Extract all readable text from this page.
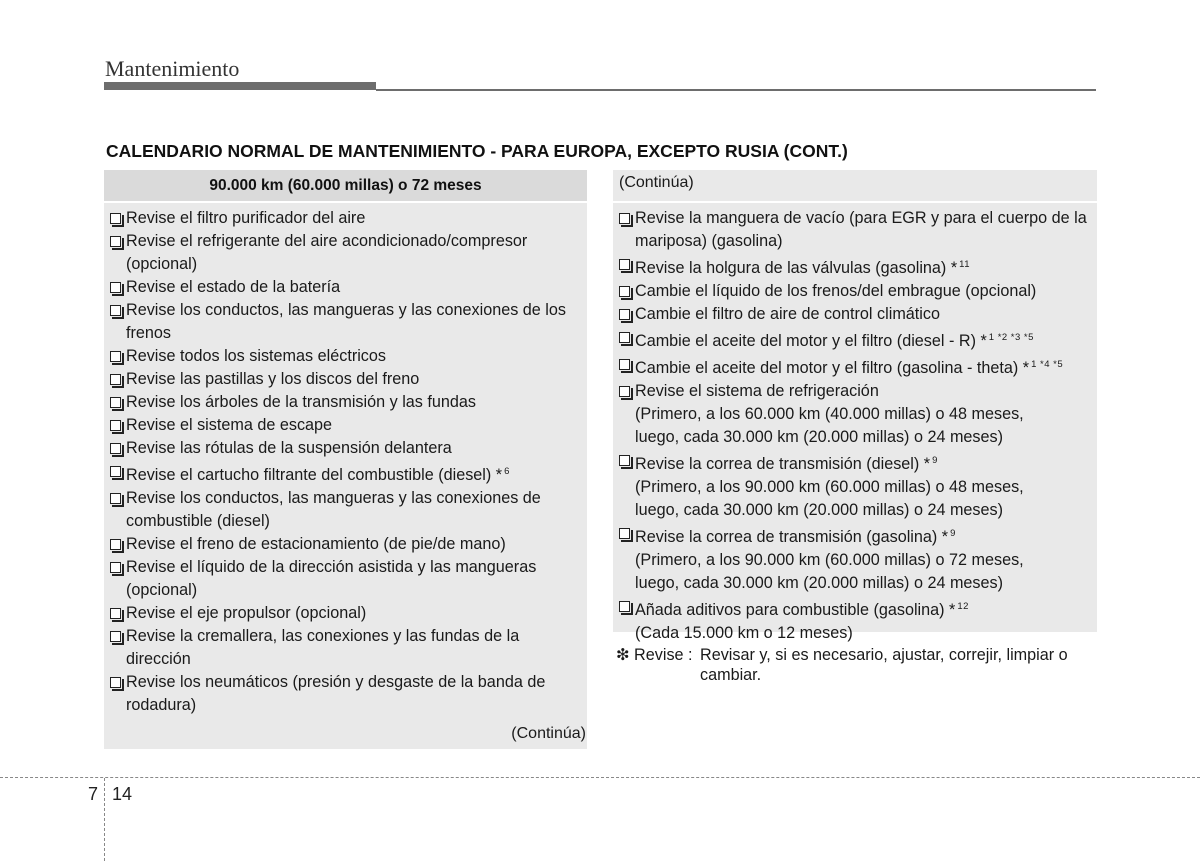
Mantenimiento
CALENDARIO NORMAL DE MANTENIMIENTO - PARA EUROPA, EXCEPTO RUSIA (CONT.)
90.000 km (60.000 millas) o 72 meses
Revise el filtro purificador del aire
Revise el refrigerante del aire acondicionado/compresor (opcional)
Revise el estado de la batería
Revise los conductos, las mangueras y las conexiones de los frenos
Revise todos los sistemas eléctricos
Revise las pastillas y los discos del freno
Revise los árboles de la transmisión y las fundas
Revise el sistema de escape
Revise las rótulas de la suspensión delantera
Revise el cartucho filtrante del combustible (diesel) * $^6$
Revise los conductos, las mangueras y las conexiones de combustible (diesel)
Revise el freno de estacionamiento (de pie/de mano)
Revise el líquido de la dirección asistida y las mangueras (opcional)
Revise el eje propulsor (opcional)
Revise la cremallera, las conexiones y las fundas de la dirección
Revise los neumáticos (presión y desgaste de la banda de rodadura)
(Continúa)
(Continúa)
Revise la manguera de vacío (para EGR y para el cuerpo de la mariposa) (gasolina)
Revise la holgura de las válvulas (gasolina) * $^{11}$
Cambie el líquido de los frenos/del embrague (opcional)
Cambie el filtro de aire de control climático
Cambie el aceite del motor y el filtro (diesel - R) * $^{1 *2 *3 *5}$
Cambie el aceite del motor y el filtro (gasolina - theta) * $^{1 *4 *5}$
Revise el sistema de refrigeración
(Primero, a los 60.000 km (40.000 millas) o 48 meses,
luego, cada 30.000 km (20.000 millas) o 24 meses)
Revise la correa de transmisión (diesel) * $^9$
(Primero, a los 90.000 km (60.000 millas) o 48 meses,
luego, cada 30.000 km (20.000 millas) o 24 meses)
Revise la correa de transmisión (gasolina) * $^9$
(Primero, a los 90.000 km (60.000 millas) o 72 meses,
luego, cada 30.000 km (20.000 millas) o 24 meses)
Añada aditivos para combustible (gasolina) * $^{12}$
(Cada 15.000 km o 12 meses)
❇ Revise : Revisar y, si es necesario, ajustar, correjir, limpiar o cambiar.
7 14
